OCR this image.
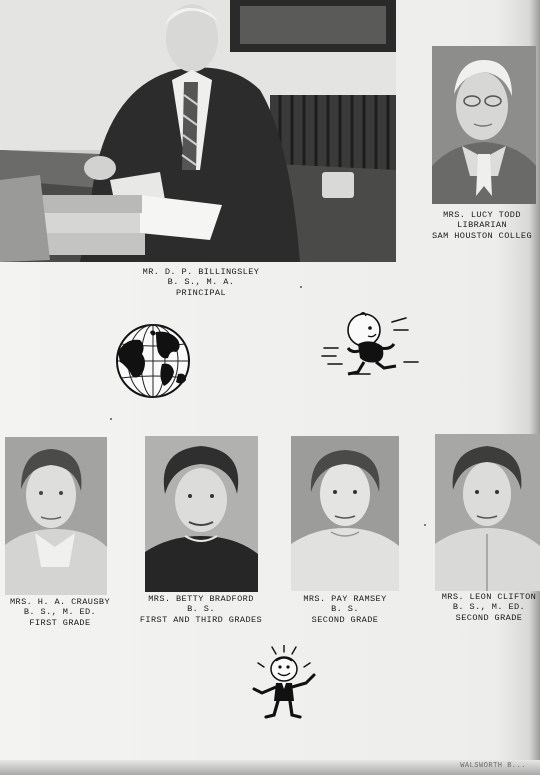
MR. D. P. BILLINGSLEY
B. S., M. A.
PRINCIPAL
MRS. LUCY TODD
LIBRARIAN
SAM HOUSTON COLLEG
MRS. H. A. CRAUSBY
B. S., M. ED.
FIRST GRADE
MRS. BETTY BRADFORD
B. S.
FIRST AND THIRD GRADES
MRS. PAY RAMSEY
B. S.
SECOND GRADE
MRS. LEON CLIFTON
B. S., M. ED.
SECOND GRADE
WALSWORTH B...
